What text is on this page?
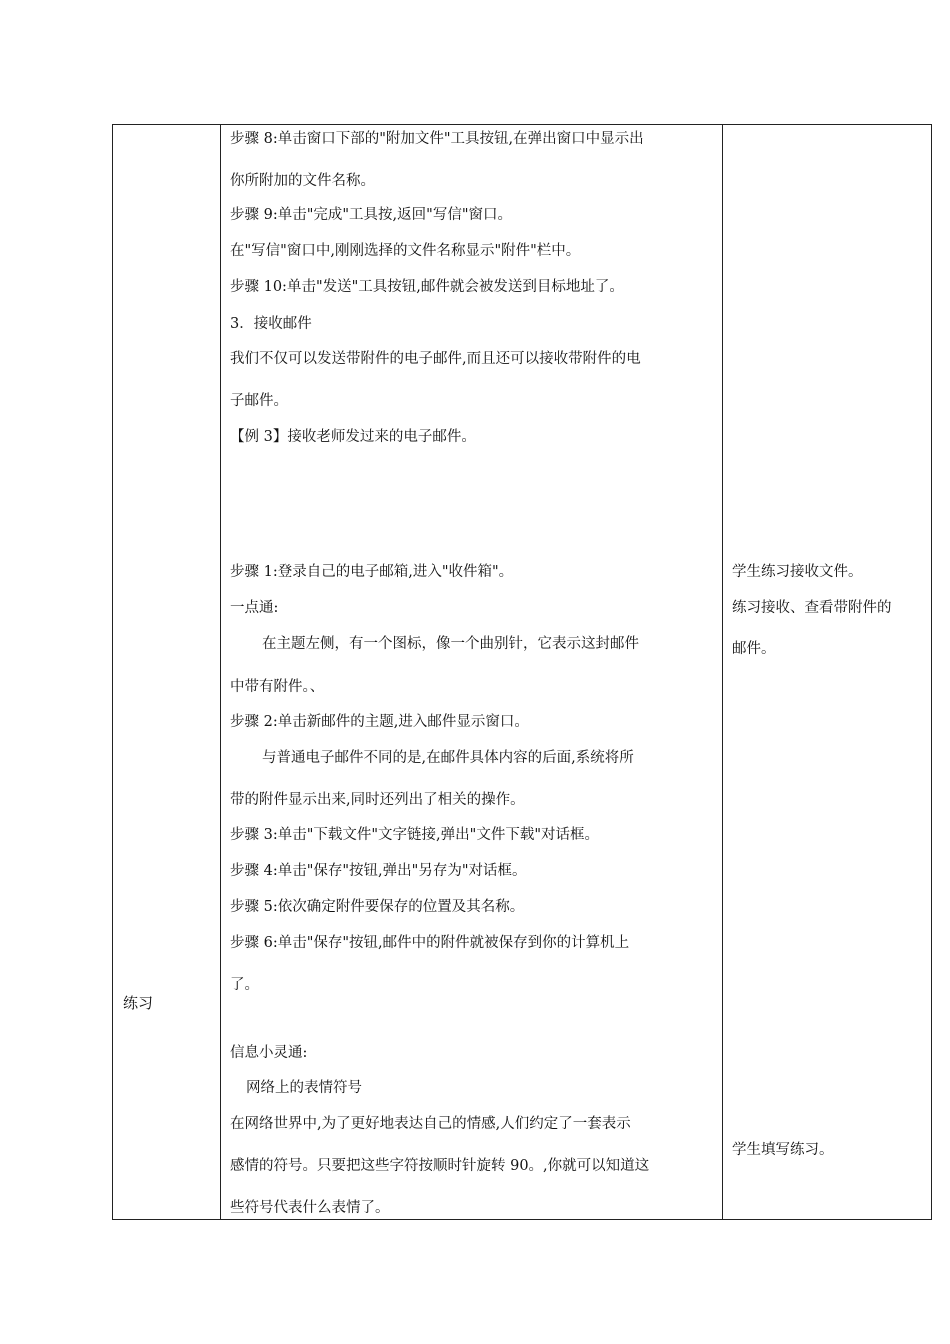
练习
步骤 8:单击窗口下部的"附加文件"工具按钮,在弹出窗口中显示出
你所附加的文件名称。
步骤 9:单击"完成"工具按,返回"写信"窗口。
在"写信"窗口中,刚刚选择的文件名称显示"附件"栏中。
步骤 10:单击"发送"工具按钮,邮件就会被发送到目标地址了。
3．接收邮件
我们不仅可以发送带附件的电子邮件,而且还可以接收带附件的电
子邮件。
【例 3】接收老师发过来的电子邮件。
步骤 1:登录自己的电子邮箱,进入"收件箱"。
一点通:
在主题左侧，有一个图标，像一个曲别针，它表示这封邮件
中带有附件。、
步骤 2:单击新邮件的主题,进入邮件显示窗口。
与普通电子邮件不同的是,在邮件具体内容的后面,系统将所
带的附件显示出来,同时还列出了相关的操作。
步骤 3:单击"下载文件"文字链接,弹出"文件下载"对话框。
步骤 4:单击"保存"按钮,弹出"另存为"对话框。
步骤 5:依次确定附件要保存的位置及其名称。
步骤 6:单击"保存"按钮,邮件中的附件就被保存到你的计算机上
了。
信息小灵通:
网络上的表情符号
在网络世界中,为了更好地表达自己的情感,人们约定了一套表示
感情的符号。只要把这些字符按顺时针旋转 90。,你就可以知道这
些符号代表什么表情了。
学生练习接收文件。
练习接收、查看带附件的
邮件。
学生填写练习。
